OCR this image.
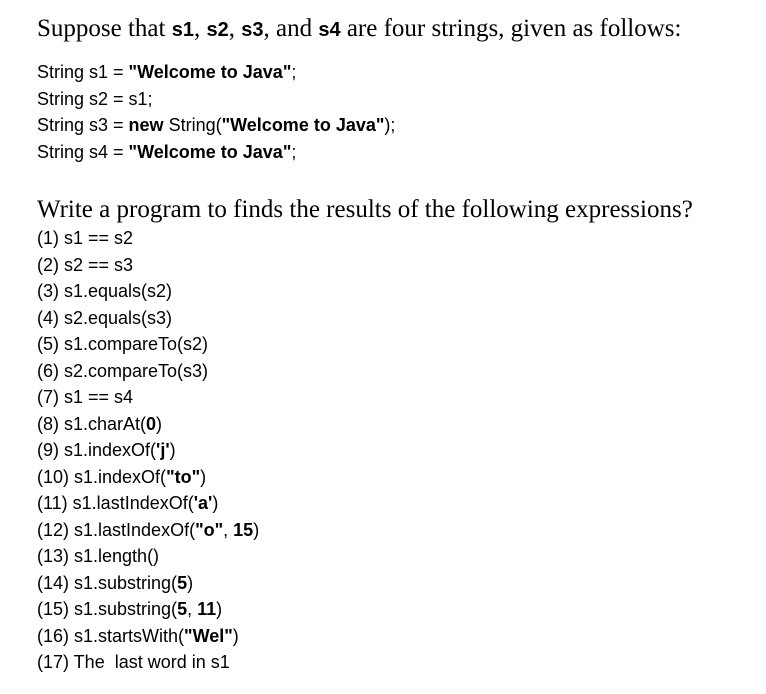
Suppose that s1, s2, s3, and s4 are four strings, given as follows:

String s1 = "Welcome to Java";
String s2 = s1;
String s3 = new String("Welcome to Java");
String s4 = "Welcome to Java";

Write a program to finds the results of the following expressions?

(1) s1 == s2
(2) s2 == s3
(3) s1.equals(s2)
(4) s2.equals(s3)
(5) s1.compareTo(s2)
(6) s2.compareTo(s3)
(7) s1 == s4
(8) s1.charAt(0)
(9) s1.indexOf('j')
(10) s1.indexOf("to")
(11) s1.lastIndexOf('a')
(12) s1.lastIndexOf("o", 15)
(13) s1.length()
(14) s1.substring(5)
(15) s1.substring(5, 11)
(16) s1.startsWith("Wel")
(17) The  last word in s1
